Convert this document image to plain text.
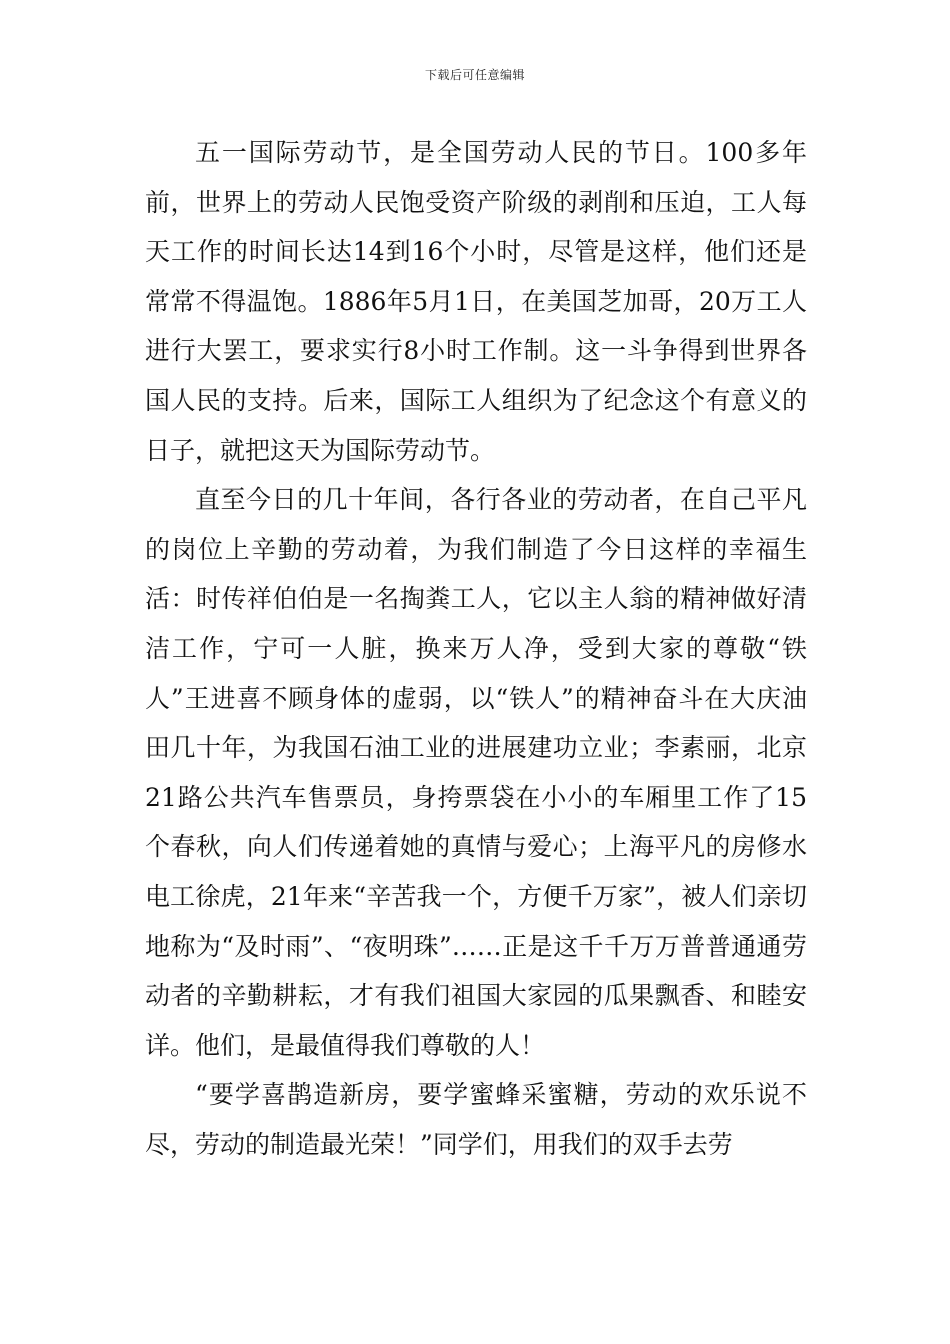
下载后可任意编辑

五一国际劳动节，是全国劳动人民的节日。100多年前，世界上的劳动人民饱受资产阶级的剥削和压迫，工人每天工作的时间长达14到16个小时，尽管是这样，他们还是常常不得温饱。1886年5月1日，在美国芝加哥，20万工人进行大罢工，要求实行8小时工作制。这一斗争得到世界各国人民的支持。后来，国际工人组织为了纪念这个有意义的日子，就把这天为国际劳动节。

直至今日的几十年间，各行各业的劳动者，在自己平凡的岗位上辛勤的劳动着，为我们制造了今日这样的幸福生活：时传祥伯伯是一名掏粪工人，它以主人翁的精神做好清洁工作，宁可一人脏，换来万人净，受到大家的尊敬“铁人”王进喜不顾身体的虚弱，以“铁人”的精神奋斗在大庆油田几十年，为我国石油工业的进展建功立业；李素丽，北京21路公共汽车售票员，身挎票袋在小小的车厢里工作了15个春秋，向人们传递着她的真情与爱心；上海平凡的房修水电工徐虎，21年来“辛苦我一个，方便千万家”，被人们亲切地称为“及时雨”、“夜明珠”……正是这千千万万普普通通劳动者的辛勤耕耘，才有我们祖国大家园的瓜果飘香、和睦安详。他们，是最值得我们尊敬的人！

“要学喜鹊造新房，要学蜜蜂采蜜糖，劳动的欢乐说不尽，劳动的制造最光荣！”同学们，用我们的双手去劳
